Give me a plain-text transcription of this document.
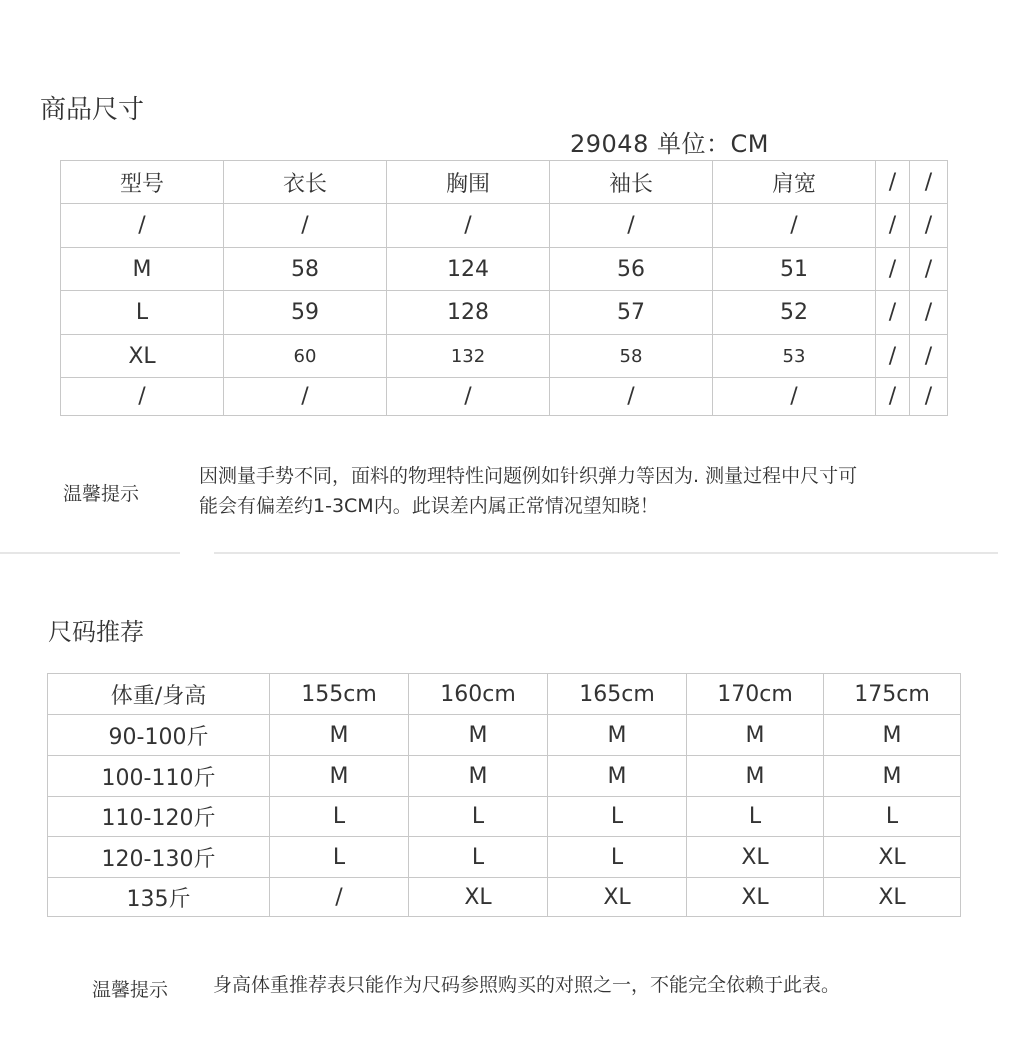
商品尺寸
29048 单位：CM
型号	衣长	胸围	袖长	肩宽	/	/
/	/	/	/	/	/	/
M	58	124	56	51	/	/
L	59	128	57	52	/	/
XL	60	132	58	53	/	/
/	/	/	/	/	/	/
温馨提示
因测量手势不同，面料的物理特性问题例如针织弹力等因为. 测量过程中尺寸可
能会有偏差约1-3CM内。此误差内属正常情况望知晓！
尺码推荐
体重/身高	155cm	160cm	165cm	170cm	175cm
90-100斤	M	M	M	M	M
100-110斤	M	M	M	M	M
110-120斤	L	L	L	L	L
120-130斤	L	L	L	XL	XL
135斤	/	XL	XL	XL	XL
温馨提示 身高体重推荐表只能作为尺码参照购买的对照之一，不能完全依赖于此表。
